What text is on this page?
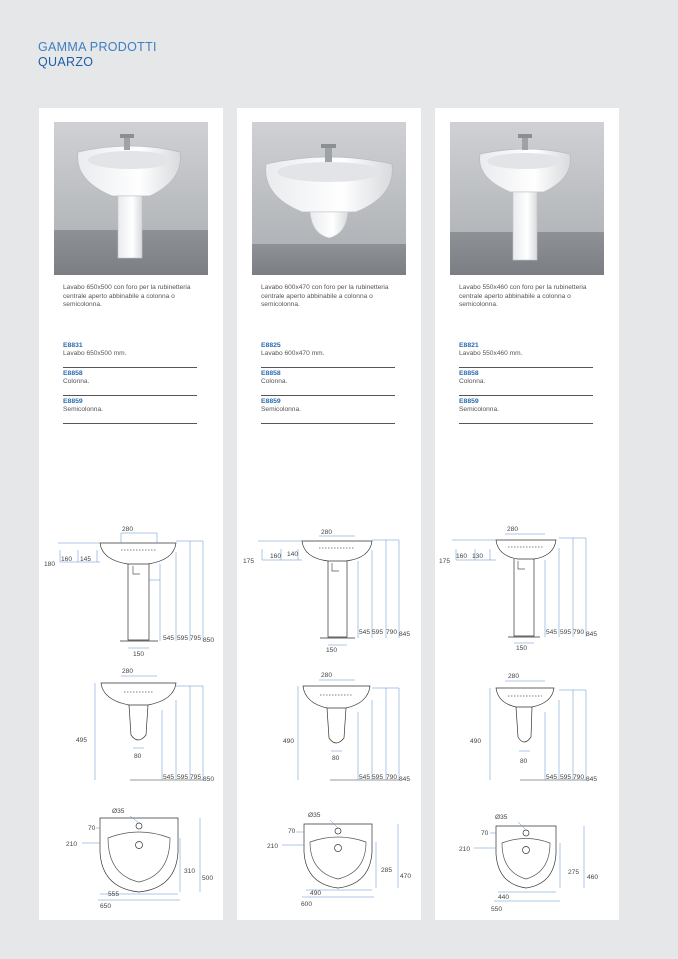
GAMMA PRODOTTI
QUARZO
Lavabo 650x500 con foro per la rubinetteria centrale aperto abbinabile a colonna o semicolonna.
E8831
Lavabo 650x500 mm.
E8858
Colonna.
E8859
Semicolonna.
Lavabo 600x470 con foro per la rubinetteria centrale aperto abbinabile a colonna o semicolonna.
E8825
Lavabo 600x470 mm.
E8858
Colonna.
E8859
Semicolonna.
Lavabo 550x460 con foro per la rubinetteria centrale aperto abbinabile a colonna o semicolonna.
E8821
Lavabo 550x460 mm.
E8858
Colonna.
E8859
Semicolonna.
280
160 145
180
150
545 595 795 850
280
495
80
545 595 795 850
Ø35
70
210
310
500
555
650
280
160 140
175
150
545 595 790 845
280
490
80
545 595 790 845
Ø35
70
210
285
470
490
600
280
160 130
175
150
545 595 790 845
280
490
80
545 595 790 845
Ø35
70
210
275
460
440
550
